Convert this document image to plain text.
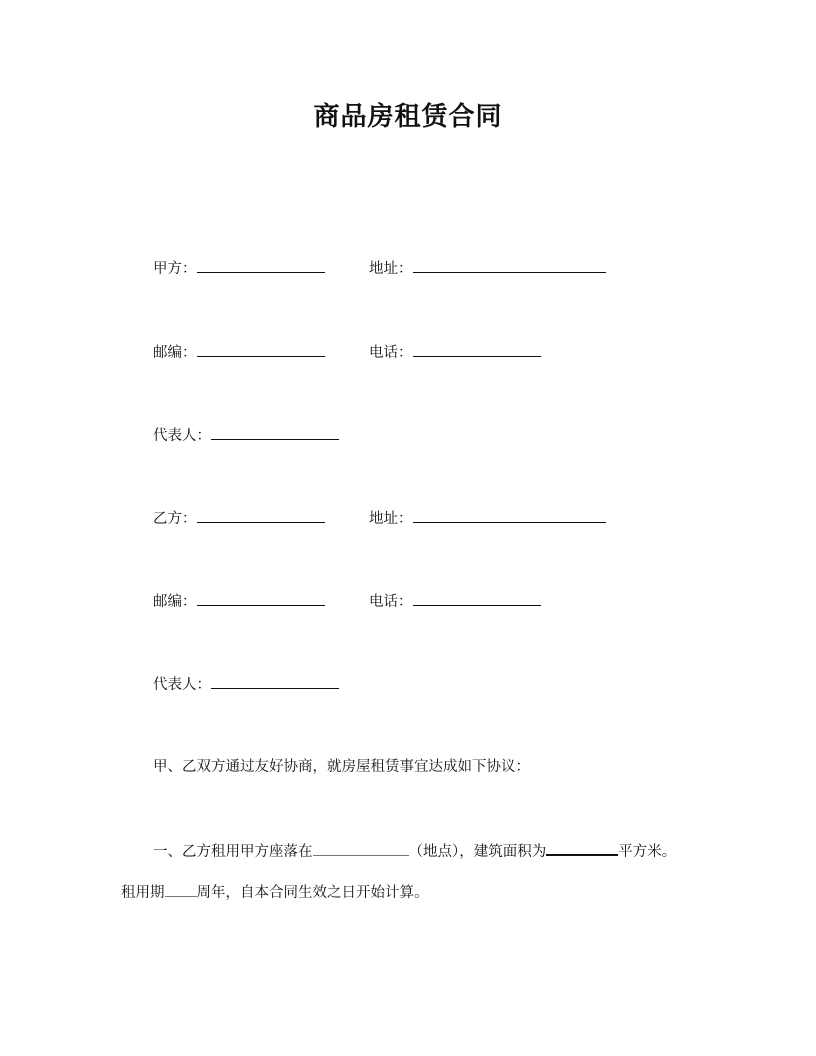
商品房租赁合同
甲方：	地址：
邮编：	电话：
代表人：
乙方：	地址：
邮编：	电话：
代表人：
甲、乙双方通过友好协商，就房屋租赁事宜达成如下协议：
一、乙方租用甲方座落在	（地点），建筑面积为	平方米。
租用期 周年，自本合同生效之日开始计算。
